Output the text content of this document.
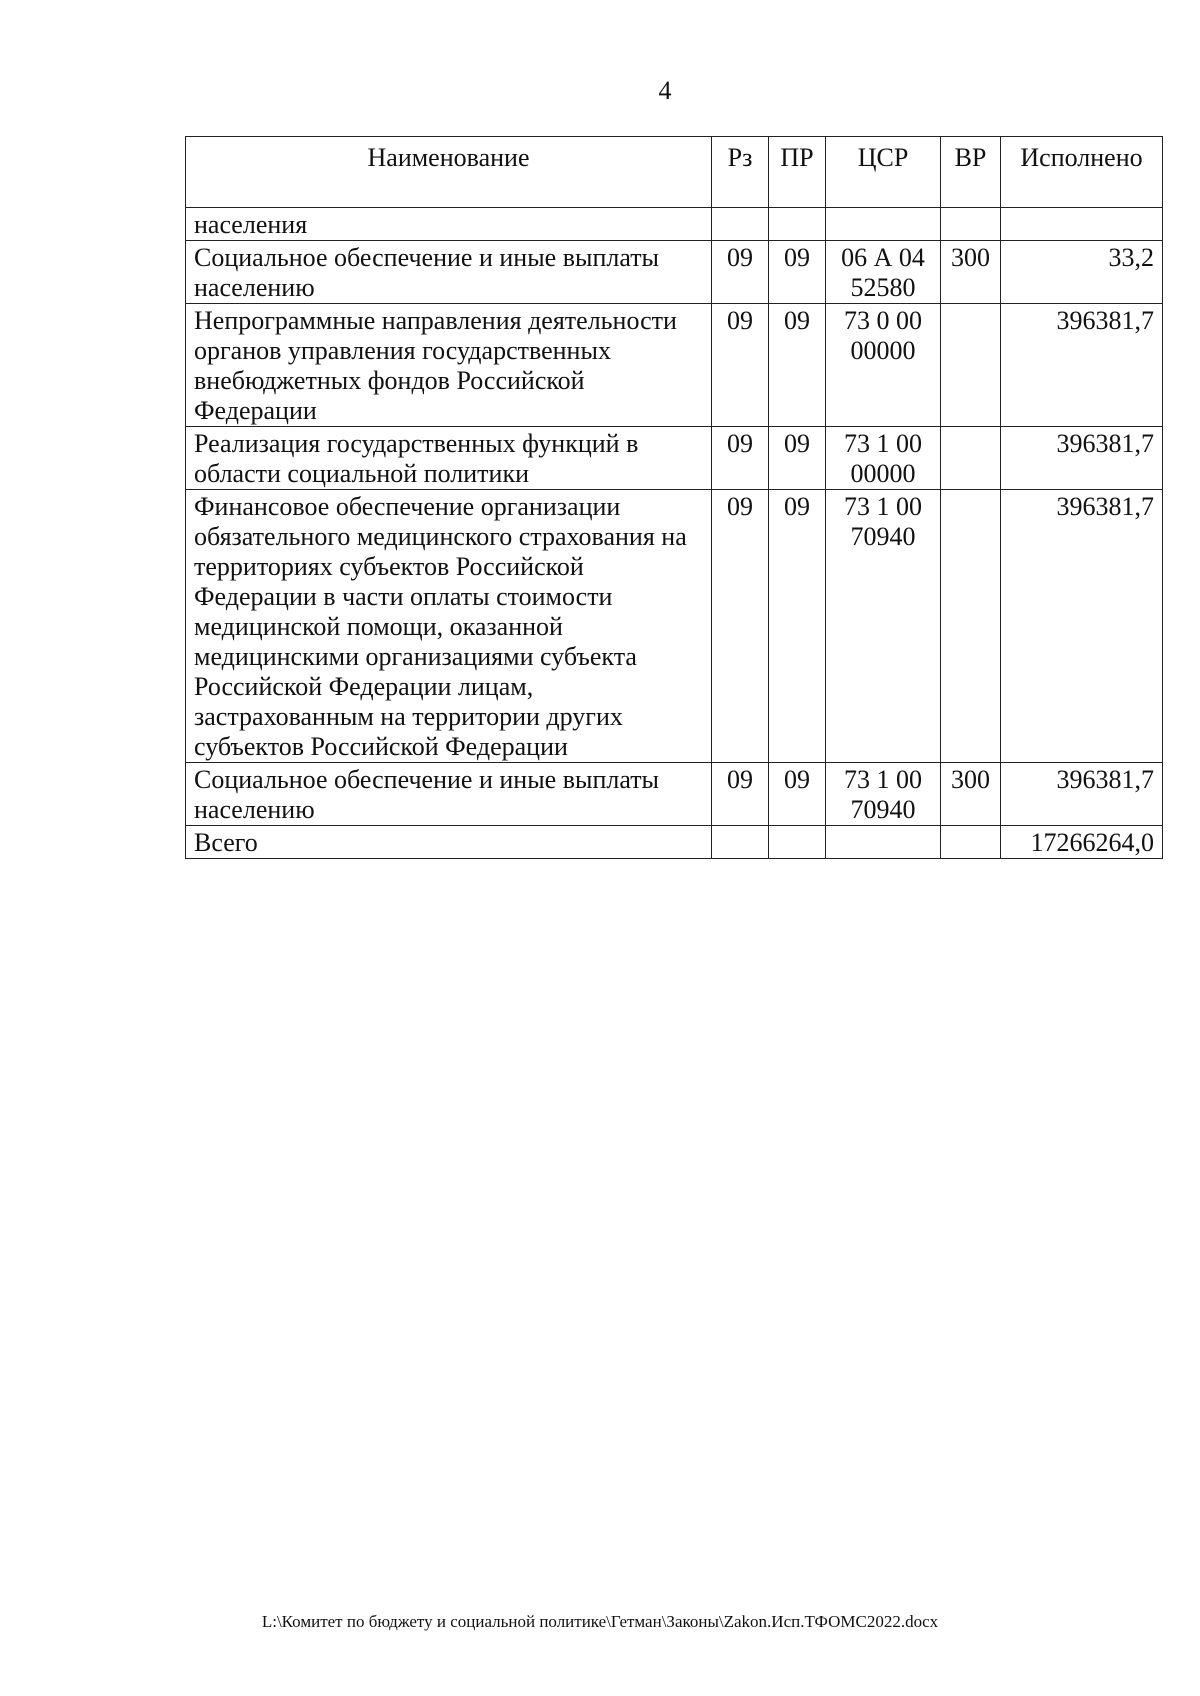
4
Наименование	Рз	ПР	ЦСР	ВР	Исполнено
населения					
Социальное обеспечение и иные выплаты населению	09	09	06 А 04 52580	300	33,2
Непрограммные направления деятельности органов управления государственных внебюджетных фондов Российской Федерации	09	09	73 0 00 00000		396381,7
Реализация государственных функций в области социальной политики	09	09	73 1 00 00000		396381,7
Финансовое обеспечение организации обязательного медицинского страхования на территориях субъектов Российской Федерации в части оплаты стоимости медицинской помощи, оказанной медицинскими организациями субъекта Российской Федерации лицам, застрахованным на территории других субъектов Российской Федерации	09	09	73 1 00 70940		396381,7
Социальное обеспечение и иные выплаты населению	09	09	73 1 00 70940	300	396381,7
Всего					17266264,0
L:\Комитет по бюджету и социальной политике\Гетман\Законы\Zakon.Исп.ТФОМС2022.docx
